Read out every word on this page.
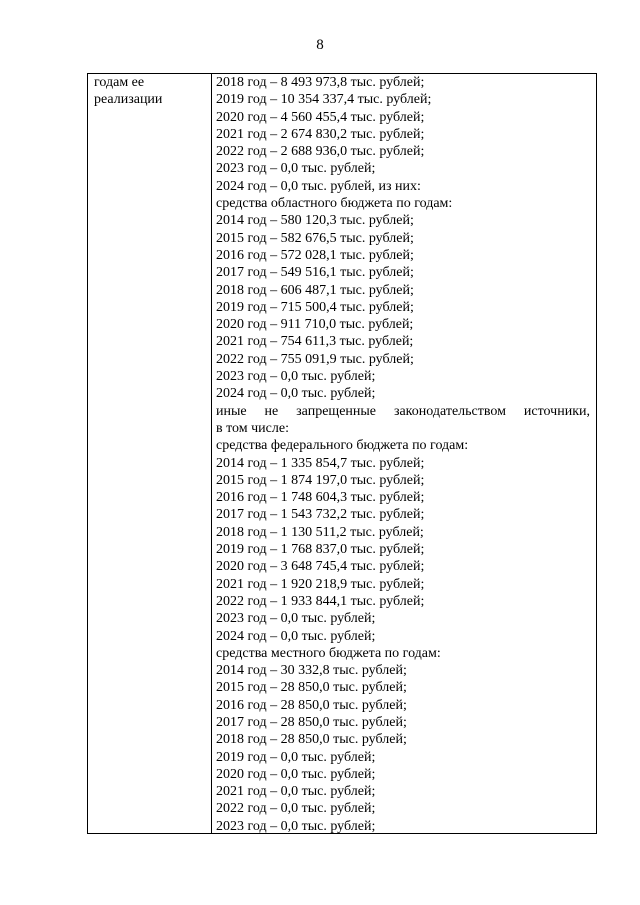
8
годам ее
реализации
2018 год – 8 493 973,8 тыс. рублей;
2019 год – 10 354 337,4 тыс. рублей;
2020 год – 4 560 455,4 тыс. рублей;
2021 год – 2 674 830,2 тыс. рублей;
2022 год – 2 688 936,0 тыс. рублей;
2023 год – 0,0 тыс. рублей;
2024 год – 0,0 тыс. рублей, из них:
средства областного бюджета по годам:
2014 год – 580 120,3 тыс. рублей;
2015 год – 582 676,5 тыс. рублей;
2016 год – 572 028,1 тыс. рублей;
2017 год – 549 516,1 тыс. рублей;
2018 год – 606 487,1 тыс. рублей;
2019 год – 715 500,4 тыс. рублей;
2020 год – 911 710,0 тыс. рублей;
2021 год – 754 611,3 тыс. рублей;
2022 год – 755 091,9 тыс. рублей;
2023 год – 0,0 тыс. рублей;
2024 год – 0,0 тыс. рублей;
иные не запрещенные законодательством источники,
в том числе:
средства федерального бюджета по годам:
2014 год – 1 335 854,7 тыс. рублей;
2015 год – 1 874 197,0 тыс. рублей;
2016 год – 1 748 604,3 тыс. рублей;
2017 год – 1 543 732,2 тыс. рублей;
2018 год – 1 130 511,2 тыс. рублей;
2019 год – 1 768 837,0 тыс. рублей;
2020 год – 3 648 745,4 тыс. рублей;
2021 год – 1 920 218,9 тыс. рублей;
2022 год – 1 933 844,1 тыс. рублей;
2023 год – 0,0 тыс. рублей;
2024 год – 0,0 тыс. рублей;
средства местного бюджета по годам:
2014 год – 30 332,8 тыс. рублей;
2015 год – 28 850,0 тыс. рублей;
2016 год – 28 850,0 тыс. рублей;
2017 год – 28 850,0 тыс. рублей;
2018 год – 28 850,0 тыс. рублей;
2019 год – 0,0 тыс. рублей;
2020 год – 0,0 тыс. рублей;
2021 год – 0,0 тыс. рублей;
2022 год – 0,0 тыс. рублей;
2023 год – 0,0 тыс. рублей;
